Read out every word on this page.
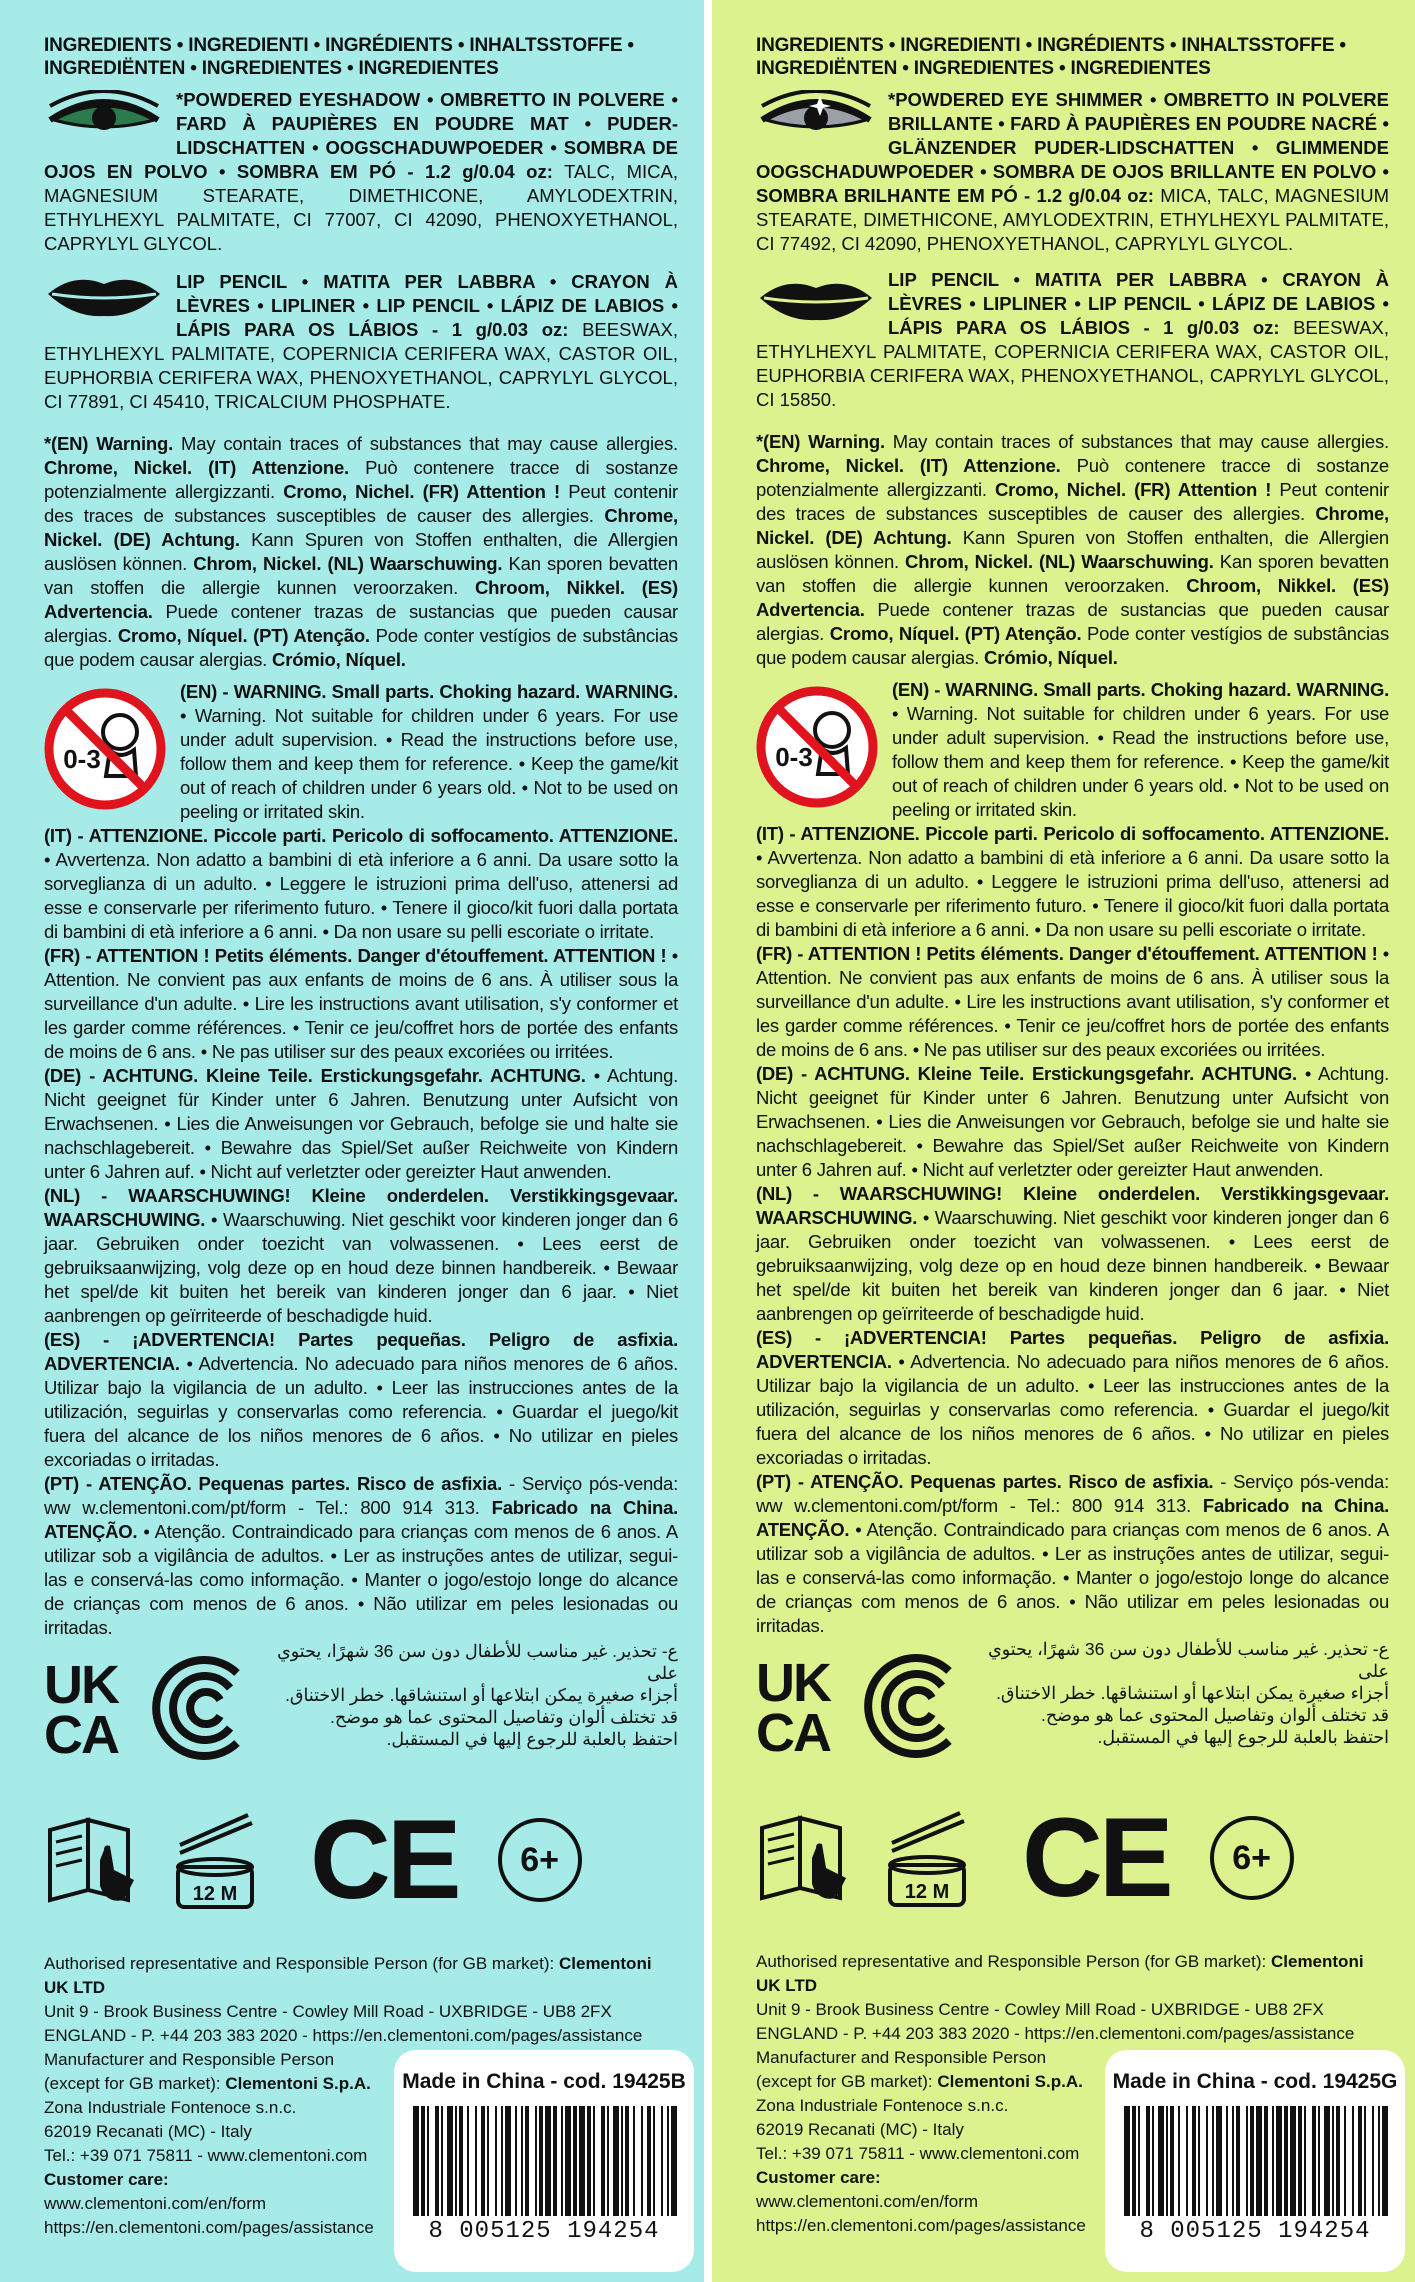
INGREDIENTS • INGREDIENTI • INGRÉDIENTS • INHALTSSTOFFE • INGREDIËNTEN • INGREDIENTES • INGREDIENTES
*POWDERED EYESHADOW • OMBRETTO IN POLVERE • FARD À PAUPIÈRES EN POUDRE MAT • PUDER-LIDSCHATTEN • OOGSCHADUWPOEDER • SOMBRA DE OJOS EN POLVO • SOMBRA EM PÓ - 1.2 g/0.04 oz: TALC, MICA, MAGNESIUM STEARATE, DIMETHICONE, AMYLODEXTRIN, ETHYLHEXYL PALMITATE, CI 77007, CI 42090, PHENOXYETHANOL, CAPRYLYL GLYCOL.
LIP PENCIL • MATITA PER LABBRA • CRAYON À LÈVRES • LIPLINER • LIP PENCIL • LÁPIZ DE LABIOS • LÁPIS PARA OS LÁBIOS - 1 g/0.03 oz: BEESWAX, ETHYLHEXYL PALMITATE, COPERNICIA CERIFERA WAX, CASTOR OIL, EUPHORBIA CERIFERA WAX, PHENOXYETHANOL, CAPRYLYL GLYCOL, CI 77891, CI 45410, TRICALCIUM PHOSPHATE.

*(EN) Warning. May contain traces of substances that may cause allergies. Chrome, Nickel. (IT) Attenzione. Può contenere tracce di sostanze potenzialmente allergizzanti. Cromo, Nichel. (FR) Attention ! Peut contenir des traces de substances susceptibles de causer des allergies. Chrome, Nickel. (DE) Achtung. Kann Spuren von Stoffen enthalten, die Allergien auslösen können. Chrom, Nickel. (NL) Waarschuwing. Kan sporen bevatten van stoffen die allergie kunnen veroorzaken. Chroom, Nikkel. (ES) Advertencia. Puede contener trazas de sustancias que pueden causar alergias. Cromo, Níquel. (PT) Atenção. Pode conter vestígios de substâncias que podem causar alergias. Crómio, Níquel.

0-3

(EN) - WARNING. Small parts. Choking hazard. WARNING. • Warning. Not suitable for children under 6 years. For use under adult supervision. • Read the instructions before use, follow them and keep them for reference. • Keep the game/kit out of reach of children under 6 years old. • Not to be used on peeling or irritated skin.

(IT) - ATTENZIONE. Piccole parti. Pericolo di soffocamento. ATTENZIONE. • Avvertenza. Non adatto a bambini di età inferiore a 6 anni. Da usare sotto la sorveglianza di un adulto. • Leggere le istruzioni prima dell'uso, attenersi ad esse e conservarle per riferimento futuro. • Tenere il gioco/kit fuori dalla portata di bambini di età inferiore a 6 anni. • Da non usare su pelli escoriate o irritate.

(FR) - ATTENTION ! Petits éléments. Danger d'étouffement. ATTENTION ! • Attention. Ne convient pas aux enfants de moins de 6 ans. À utiliser sous la surveillance d'un adulte. • Lire les instructions avant utilisation, s'y conformer et les garder comme références. • Tenir ce jeu/coffret hors de portée des enfants de moins de 6 ans. • Ne pas utiliser sur des peaux excoriées ou irritées.

(DE) - ACHTUNG. Kleine Teile. Erstickungsgefahr. ACHTUNG. • Achtung. Nicht geeignet für Kinder unter 6 Jahren. Benutzung unter Aufsicht von Erwachsenen. • Lies die Anweisungen vor Gebrauch, befolge sie und halte sie nachschlagebereit. • Bewahre das Spiel/Set außer Reichweite von Kindern unter 6 Jahren auf. • Nicht auf verletzter oder gereizter Haut anwenden.

(NL) - WAARSCHUWING! Kleine onderdelen. Verstikkingsgevaar. WAARSCHUWING. • Waarschuwing. Niet geschikt voor kinderen jonger dan 6 jaar. Gebruiken onder toezicht van volwassenen. • Lees eerst de gebruiksaanwijzing, volg deze op en houd deze binnen handbereik. • Bewaar het spel/de kit buiten het bereik van kinderen jonger dan 6 jaar. • Niet aanbrengen op geïrriteerde of beschadigde huid.

(ES) - ¡ADVERTENCIA! Partes pequeñas. Peligro de asfixia. ADVERTENCIA. • Advertencia. No adecuado para niños menores de 6 años. Utilizar bajo la vigilancia de un adulto. • Leer las instrucciones antes de la utilización, seguirlas y conservarlas como referencia. • Guardar el juego/kit fuera del alcance de los niños menores de 6 años. • No utilizar en pieles excoriadas o irritadas.

(PT) - ATENÇÃO. Pequenas partes. Risco de asfixia. - Serviço pós-venda: ww w.clementoni.com/pt/form - Tel.: 800 914 313. Fabricado na China. ATENÇÃO. • Atenção. Contraindicado para crianças com menos de 6 anos. A utilizar sob a vigilância de adultos. • Ler as instruções antes de utilizar, segui-las e conservá-las como informação. • Manter o jogo/estojo longe do alcance de crianças com menos de 6 anos. • Não utilizar em peles lesionadas ou irritadas.

UK
CA
ع- تحذير. غير مناسب للأطفال دون سن 36 شهرًا، يحتوي على
أجزاء صغيرة يمكن ابتلاعها أو استنشاقها. خطر الاختناق.
قد تختلف ألوان وتفاصيل المحتوى عما هو موضح.
احتفظ بالعلبة للرجوع إليها في المستقبل.
12 M CE 6+
Authorised representative and Responsible Person (for GB market): Clementoni UK LTD
Unit 9 - Brook Business Centre - Cowley Mill Road - UXBRIDGE - UB8 2FX
ENGLAND - P. +44 203 383 2020 - https://en.clementoni.com/pages/assistance
Manufacturer and Responsible Person
(except for GB market): Clementoni S.p.A.
Zona Industriale Fontenoce s.n.c.
62019 Recanati (MC) - Italy
Tel.: +39 071 75811 - www.clementoni.com
Customer care:
www.clementoni.com/en/form
https://en.clementoni.com/pages/assistance
Made in China - cod. 19425B
8 005125 194254
INGREDIENTS • INGREDIENTI • INGRÉDIENTS • INHALTSSTOFFE • INGREDIËNTEN • INGREDIENTES • INGREDIENTES
*POWDERED EYE SHIMMER • OMBRETTO IN POLVERE BRILLANTE • FARD À PAUPIÈRES EN POUDRE NACRÉ • GLÄNZENDER PUDER-LIDSCHATTEN • GLIMMENDE OOGSCHADUWPOEDER • SOMBRA DE OJOS BRILLANTE EN POLVO • SOMBRA BRILHANTE EM PÓ - 1.2 g/0.04 oz: MICA, TALC, MAGNESIUM STEARATE, DIMETHICONE, AMYLODEXTRIN, ETHYLHEXYL PALMITATE, CI 77492, CI 42090, PHENOXYETHANOL, CAPRYLYL GLYCOL.
LIP PENCIL • MATITA PER LABBRA • CRAYON À LÈVRES • LIPLINER • LIP PENCIL • LÁPIZ DE LABIOS • LÁPIS PARA OS LÁBIOS - 1 g/0.03 oz: BEESWAX, ETHYLHEXYL PALMITATE, COPERNICIA CERIFERA WAX, CASTOR OIL, EUPHORBIA CERIFERA WAX, PHENOXYETHANOL, CAPRYLYL GLYCOL, CI 15850.

*(EN) Warning. May contain traces of substances that may cause allergies. Chrome, Nickel. (IT) Attenzione. Può contenere tracce di sostanze potenzialmente allergizzanti. Cromo, Nichel. (FR) Attention ! Peut contenir des traces de substances susceptibles de causer des allergies. Chrome, Nickel. (DE) Achtung. Kann Spuren von Stoffen enthalten, die Allergien auslösen können. Chrom, Nickel. (NL) Waarschuwing. Kan sporen bevatten van stoffen die allergie kunnen veroorzaken. Chroom, Nikkel. (ES) Advertencia. Puede contener trazas de sustancias que pueden causar alergias. Cromo, Níquel. (PT) Atenção. Pode conter vestígios de substâncias que podem causar alergias. Crómio, Níquel.

0-3

(EN) - WARNING. Small parts. Choking hazard. WARNING. • Warning. Not suitable for children under 6 years. For use under adult supervision. • Read the instructions before use, follow them and keep them for reference. • Keep the game/kit out of reach of children under 6 years old. • Not to be used on peeling or irritated skin.

(IT) - ATTENZIONE. Piccole parti. Pericolo di soffocamento. ATTENZIONE. • Avvertenza. Non adatto a bambini di età inferiore a 6 anni. Da usare sotto la sorveglianza di un adulto. • Leggere le istruzioni prima dell'uso, attenersi ad esse e conservarle per riferimento futuro. • Tenere il gioco/kit fuori dalla portata di bambini di età inferiore a 6 anni. • Da non usare su pelli escoriate o irritate.

(FR) - ATTENTION ! Petits éléments. Danger d'étouffement. ATTENTION ! • Attention. Ne convient pas aux enfants de moins de 6 ans. À utiliser sous la surveillance d'un adulte. • Lire les instructions avant utilisation, s'y conformer et les garder comme références. • Tenir ce jeu/coffret hors de portée des enfants de moins de 6 ans. • Ne pas utiliser sur des peaux excoriées ou irritées.

(DE) - ACHTUNG. Kleine Teile. Erstickungsgefahr. ACHTUNG. • Achtung. Nicht geeignet für Kinder unter 6 Jahren. Benutzung unter Aufsicht von Erwachsenen. • Lies die Anweisungen vor Gebrauch, befolge sie und halte sie nachschlagebereit. • Bewahre das Spiel/Set außer Reichweite von Kindern unter 6 Jahren auf. • Nicht auf verletzter oder gereizter Haut anwenden.

(NL) - WAARSCHUWING! Kleine onderdelen. Verstikkingsgevaar. WAARSCHUWING. • Waarschuwing. Niet geschikt voor kinderen jonger dan 6 jaar. Gebruiken onder toezicht van volwassenen. • Lees eerst de gebruiksaanwijzing, volg deze op en houd deze binnen handbereik. • Bewaar het spel/de kit buiten het bereik van kinderen jonger dan 6 jaar. • Niet aanbrengen op geïrriteerde of beschadigde huid.

(ES) - ¡ADVERTENCIA! Partes pequeñas. Peligro de asfixia. ADVERTENCIA. • Advertencia. No adecuado para niños menores de 6 años. Utilizar bajo la vigilancia de un adulto. • Leer las instrucciones antes de la utilización, seguirlas y conservarlas como referencia. • Guardar el juego/kit fuera del alcance de los niños menores de 6 años. • No utilizar en pieles excoriadas o irritadas.

(PT) - ATENÇÃO. Pequenas partes. Risco de asfixia. - Serviço pós-venda: ww w.clementoni.com/pt/form - Tel.: 800 914 313. Fabricado na China. ATENÇÃO. • Atenção. Contraindicado para crianças com menos de 6 anos. A utilizar sob a vigilância de adultos. • Ler as instruções antes de utilizar, segui-las e conservá-las como informação. • Manter o jogo/estojo longe do alcance de crianças com menos de 6 anos. • Não utilizar em peles lesionadas ou irritadas.

UK
CA
ع- تحذير. غير مناسب للأطفال دون سن 36 شهرًا، يحتوي على
أجزاء صغيرة يمكن ابتلاعها أو استنشاقها. خطر الاختناق.
قد تختلف ألوان وتفاصيل المحتوى عما هو موضح.
احتفظ بالعلبة للرجوع إليها في المستقبل.
12 M CE 6+
Authorised representative and Responsible Person (for GB market): Clementoni UK LTD
Unit 9 - Brook Business Centre - Cowley Mill Road - UXBRIDGE - UB8 2FX
ENGLAND - P. +44 203 383 2020 - https://en.clementoni.com/pages/assistance
Manufacturer and Responsible Person
(except for GB market): Clementoni S.p.A.
Zona Industriale Fontenoce s.n.c.
62019 Recanati (MC) - Italy
Tel.: +39 071 75811 - www.clementoni.com
Customer care:
www.clementoni.com/en/form
https://en.clementoni.com/pages/assistance
Made in China - cod. 19425G
8 005125 194254
